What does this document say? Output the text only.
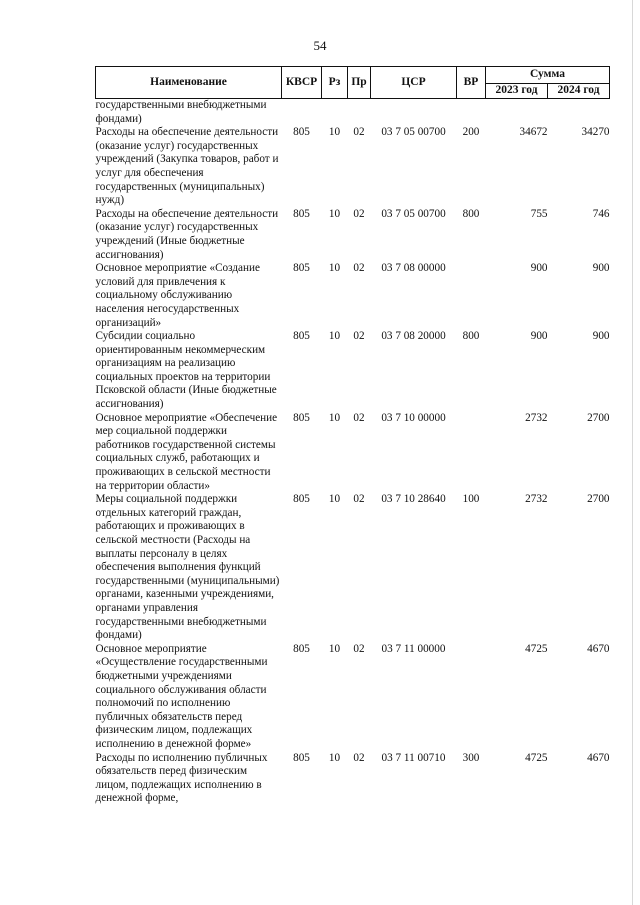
54
Наименование	КВСР	Рз	Пр	ЦСР	ВР	Сумма	
						2023 год	2024 год
государственными внебюджетными фондами)							
Расходы на обеспечение деятельности (оказание услуг) государственных учреждений (Закупка товаров, работ и услуг для обеспечения государственных (муниципальных) нужд)	805	10	02	03 7 05 00700	200	34672	34270
Расходы на обеспечение деятельности (оказание услуг) государственных учреждений (Иные бюджетные ассигнования)	805	10	02	03 7 05 00700	800	755	746
Основное мероприятие «Создание условий для привлечения к социальному обслуживанию населения негосударственных организаций»	805	10	02	03 7 08 00000		900	900
Субсидии социально ориентированным некоммерческим организациям на реализацию социальных проектов на территории Псковской области (Иные бюджетные ассигнования)	805	10	02	03 7 08 20000	800	900	900
Основное мероприятие «Обеспечение мер социальной поддержки работников государственной системы социальных служб, работающих и проживающих в сельской местности на территории области»	805	10	02	03 7 10 00000		2732	2700
Меры социальной поддержки отдельных категорий граждан, работающих и проживающих в сельской местности (Расходы на выплаты персоналу в целях обеспечения выполнения функций государственными (муниципальными) органами, казенными учреждениями, органами управления государственными внебюджетными фондами)	805	10	02	03 7 10 28640	100	2732	2700
Основное мероприятие «Осуществление государственными бюджетными учреждениями социального обслуживания области полномочий по исполнению публичных обязательств перед физическим лицом, подлежащих исполнению в денежной форме»	805	10	02	03 7 11 00000		4725	4670
Расходы по исполнению публичных обязательств перед физическим лицом, подлежащих исполнению в денежной форме,	805	10	02	03 7 11 00710	300	4725	4670
